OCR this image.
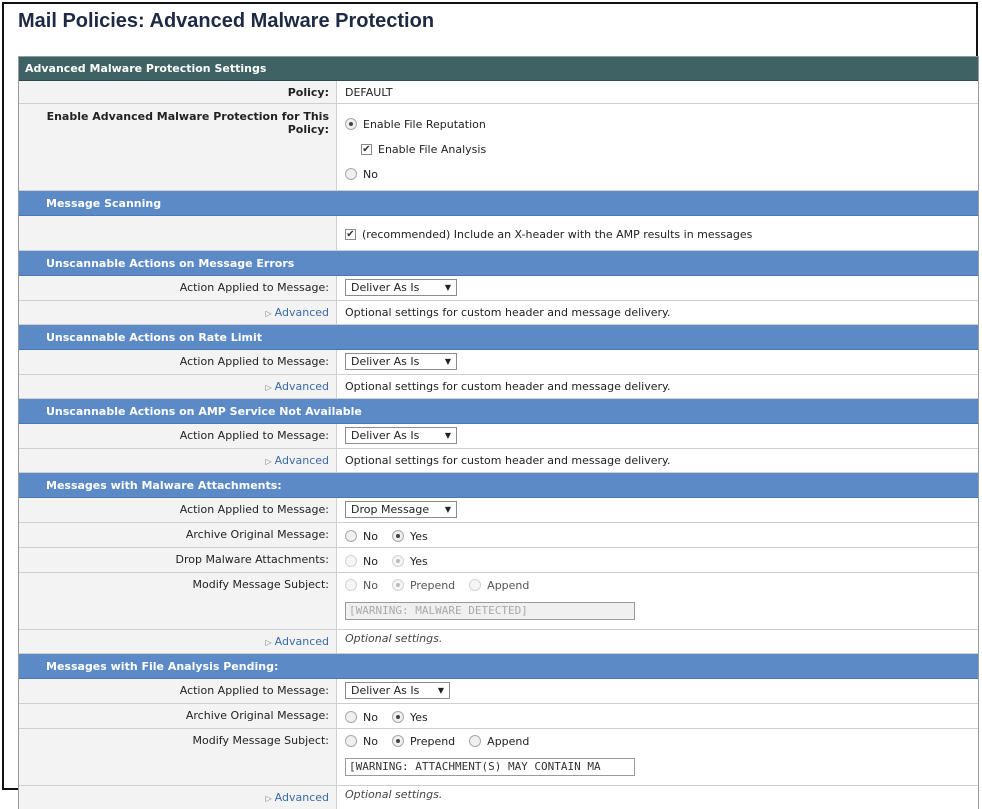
Mail Policies: Advanced Malware Protection
Advanced Malware Protection Settings
Policy:	DEFAULT
Enable Advanced Malware Protection for This Policy:	Enable File Reputation
✔ Enable File Analysis
No
Message Scanning
✔ (recommended) Include an X-header with the AMP results in messages
Unscannable Actions on Message Errors
Action Applied to Message:	Deliver As Is	▼
▷ Advanced	Optional settings for custom header and message delivery.
Unscannable Actions on Rate Limit
Action Applied to Message:	Deliver As Is	▼
▷ Advanced	Optional settings for custom header and message delivery.
Unscannable Actions on AMP Service Not Available
Action Applied to Message:	Deliver As Is	▼
▷ Advanced	Optional settings for custom header and message delivery.
Messages with Malware Attachments:
Action Applied to Message:	Drop Message ▼
Archive Original Message:	No	Yes
Drop Malware Attachments:	No	Yes
Modify Message Subject:	No	Prepend	Append
[WARNING: MALWARE DETECTED]
▷ Advanced	Optional settings.
Messages with File Analysis Pending:
Action Applied to Message:	Deliver As Is ▼
Archive Original Message:	No	Yes
Modify Message Subject:	No	Prepend	Append
[WARNING: ATTACHMENT(S) MAY CONTAIN MA
▷ Advanced	Optional settings.
